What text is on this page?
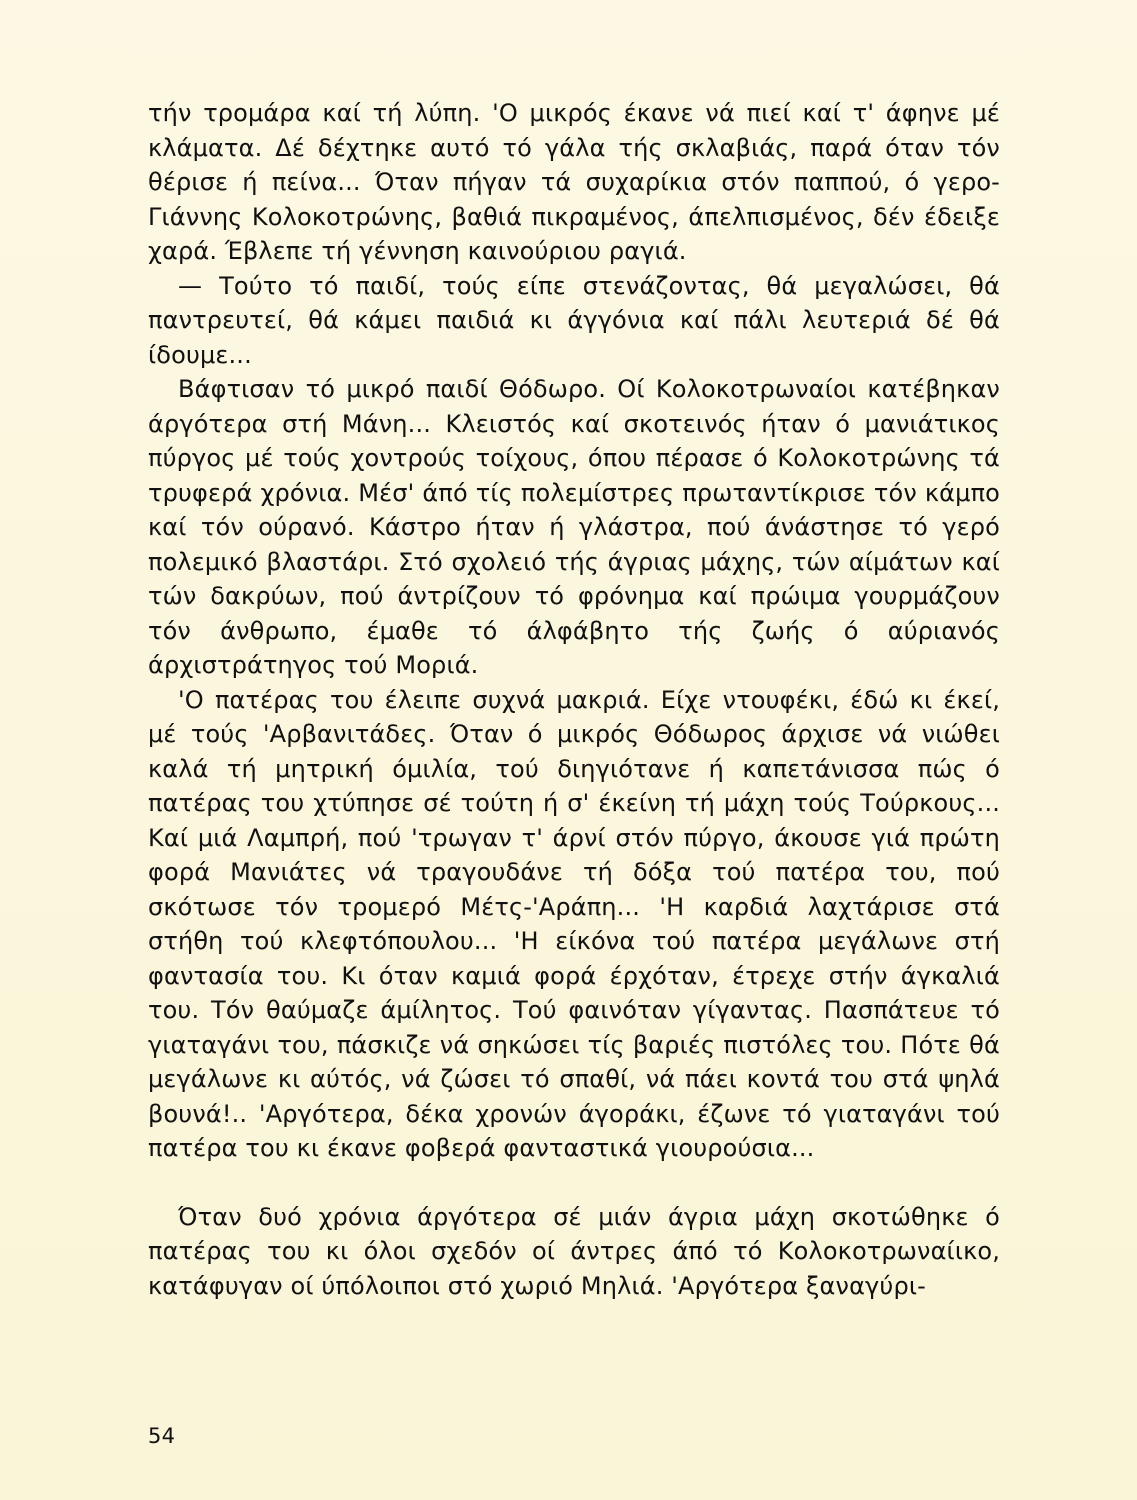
τήν τρομάρα καί τή λύπη. 'Ο μικρός έκανε νά πιεί καί τ' άφηνε μέ κλάματα. Δέ δέχτηκε αυτό τό γάλα τής σκλαβιάς, παρά όταν τόν θέρισε ή πείνα... Όταν πήγαν τά συχαρίκια στόν παππού, ό γερο-Γιάννης Κολοκοτρώνης, βαθιά πικραμένος, άπελπισμένος, δέν έδειξε χαρά. Έβλεπε τή γέννηση καινούριου ραγιά.

— Τούτο τό παιδί, τούς είπε στενάζοντας, θά μεγαλώσει, θά παντρευτεί, θά κάμει παιδιά κι άγγόνια καί πάλι λευτεριά δέ θά ίδουμε...

Βάφτισαν τό μικρό παιδί Θόδωρο. Οί Κολοκοτρωναίοι κατέβηκαν άργότερα στή Μάνη... Κλειστός καί σκοτεινός ήταν ό μανιάτικος πύργος μέ τούς χοντρούς τοίχους, όπου πέρασε ό Κολοκοτρώνης τά τρυφερά χρόνια. Μέσ' άπό τίς πολεμίστρες πρωταντίκρισε τόν κάμπο καί τόν ούρανό. Κάστρο ήταν ή γλάστρα, πού άνάστησε τό γερό πολεμικό βλαστάρι. Στό σχολειό τής άγριας μάχης, τών αίμάτων καί τών δακρύων, πού άντρίζουν τό φρόνημα καί πρώιμα γουρμάζουν τόν άνθρωπο, έμαθε τό άλφάβητο τής ζωής ό αύριανός άρχιστράτηγος τού Μοριά.

'Ο πατέρας του έλειπε συχνά μακριά. Είχε ντουφέκι, έδώ κι έκεί, μέ τούς 'Αρβανιτάδες. Όταν ό μικρός Θόδωρος άρχισε νά νιώθει καλά τή μητρική όμιλία, τού διηγιότανε ή καπετάνισσα πώς ό πατέρας του χτύπησε σέ τούτη ή σ' έκείνη τή μάχη τούς Τούρκους... Καί μιά Λαμπρή, πού 'τρωγαν τ' άρνί στόν πύργο, άκουσε γιά πρώτη φορά Μανιάτες νά τραγουδάνε τή δόξα τού πατέρα του, πού σκότωσε τόν τρομερό Μέτς-'Αράπη... 'Η καρδιά λαχτάρισε στά στήθη τού κλεφτόπουλου... 'Η είκόνα τού πατέρα μεγάλωνε στή φαντασία του. Κι όταν καμιά φορά έρχόταν, έτρεχε στήν άγκαλιά του. Τόν θαύμαζε άμίλητος. Τού φαινόταν γίγαντας. Πασπάτευε τό γιαταγάνι του, πάσκιζε νά σηκώσει τίς βαριές πιστόλες του. Πότε θά μεγάλωνε κι αύτός, νά ζώσει τό σπαθί, νά πάει κοντά του στά ψηλά βουνά!.. 'Αργότερα, δέκα χρονών άγοράκι, έζωνε τό γιαταγάνι τού πατέρα του κι έκανε φοβερά φανταστικά γιουρούσια...

Όταν δυό χρόνια άργότερα σέ μιάν άγρια μάχη σκοτώθηκε ό πατέρας του κι όλοι σχεδόν οί άντρες άπό τό Κολοκοτρωναίικο, κατάφυγαν οί ύπόλοιποι στό χωριό Μηλιά. 'Αργότερα ξαναγύρι-

54
